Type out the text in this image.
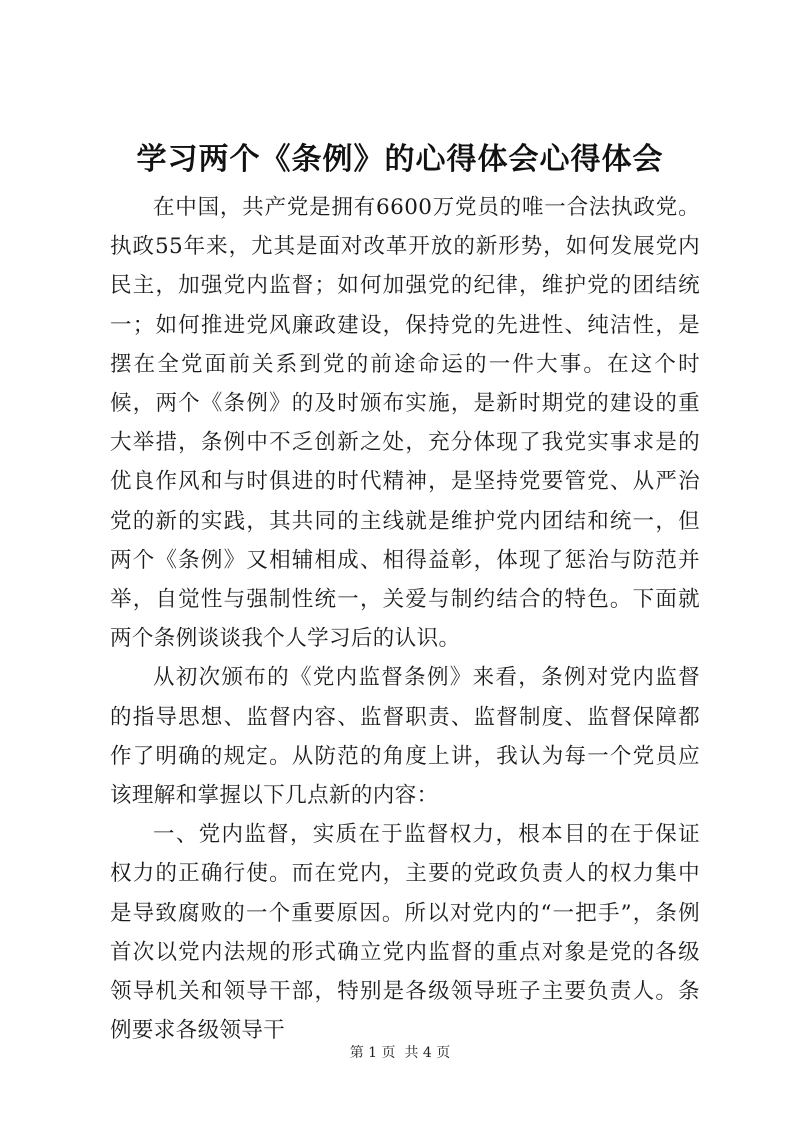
学习两个《条例》的心得体会心得体会

在中国，共产党是拥有6600万党员的唯一合法执政党。执政55年来，尤其是面对改革开放的新形势，如何发展党内民主，加强党内监督；如何加强党的纪律，维护党的团结统一；如何推进党风廉政建设，保持党的先进性、纯洁性，是摆在全党面前关系到党的前途命运的一件大事。在这个时候，两个《条例》的及时颁布实施，是新时期党的建设的重大举措，条例中不乏创新之处，充分体现了我党实事求是的优良作风和与时俱进的时代精神，是坚持党要管党、从严治党的新的实践，其共同的主线就是维护党内团结和统一，但两个《条例》又相辅相成、相得益彰，体现了惩治与防范并举，自觉性与强制性统一，关爱与制约结合的特色。下面就两个条例谈谈我个人学习后的认识。

从初次颁布的《党内监督条例》来看，条例对党内监督的指导思想、监督内容、监督职责、监督制度、监督保障都作了明确的规定。从防范的角度上讲，我认为每一个党员应该理解和掌握以下几点新的内容：

一、党内监督，实质在于监督权力，根本目的在于保证权力的正确行使。而在党内，主要的党政负责人的权力集中是导致腐败的一个重要原因。所以对党内的“一把手”，条例首次以党内法规的形式确立党内监督的重点对象是党的各级领导机关和领导干部，特别是各级领导班子主要负责人。条例要求各级领导干

第 1 页  共 4 页
